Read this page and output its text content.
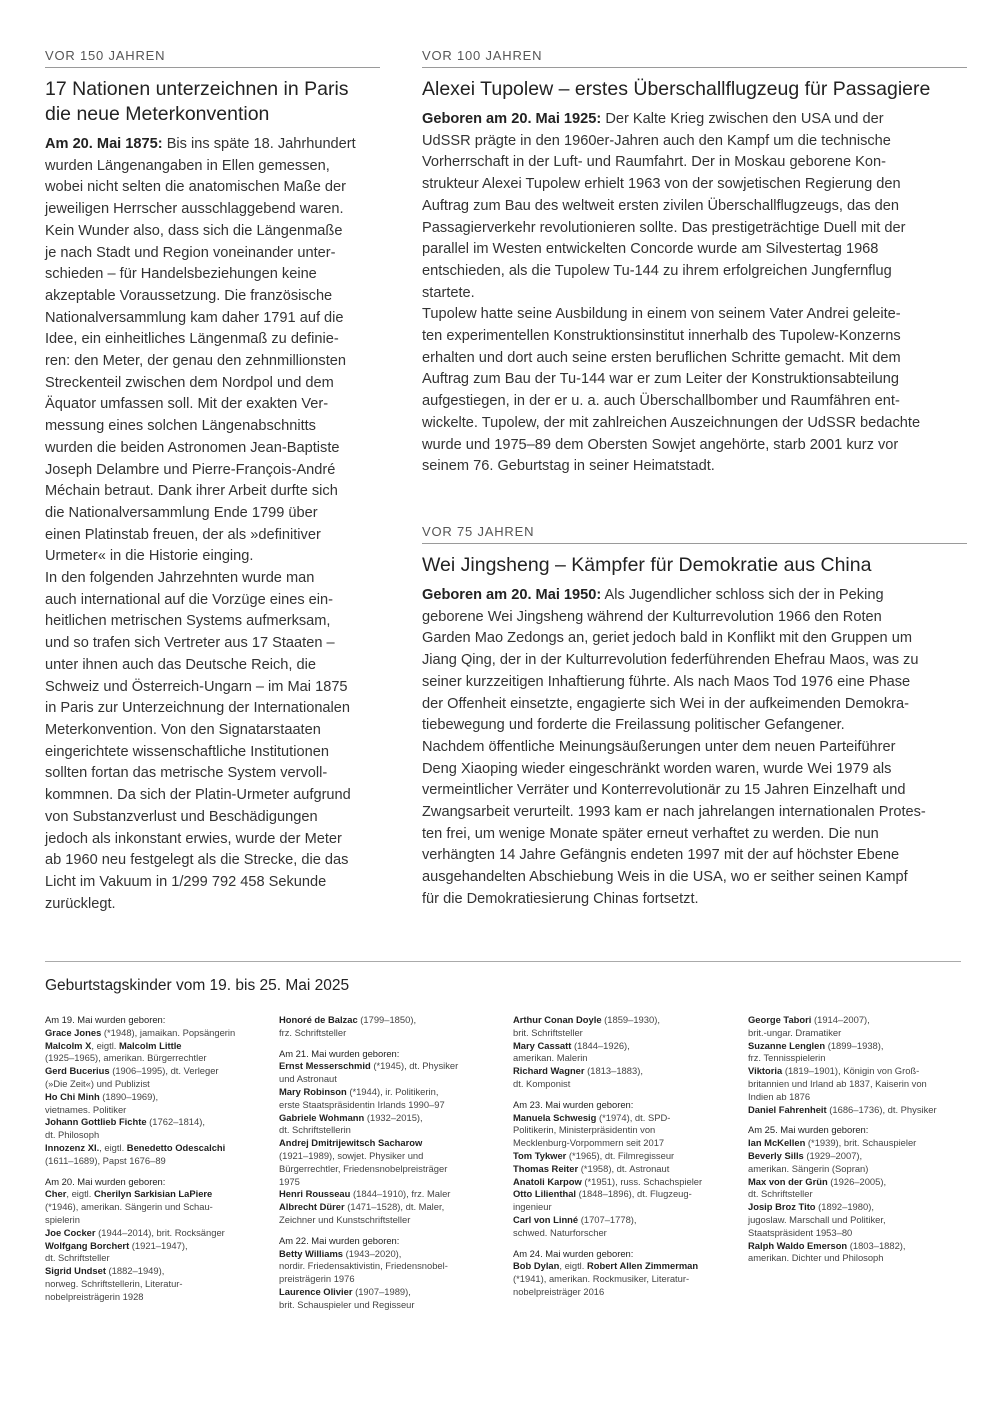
VOR 150 JAHREN
17 Nationen unterzeichnen in Paris
die neue Meterkonvention
Am 20. Mai 1875: Bis ins späte 18. Jahrhundert
wurden Längenangaben in Ellen gemessen,
wobei nicht selten die anatomischen Maße der
jeweiligen Herrscher ausschlaggebend waren.
Kein Wunder also, dass sich die Längenmaße
je nach Stadt und Region voneinander unter-
schieden – für Handelsbeziehungen keine
akzeptable Voraussetzung. Die französische
Nationalversammlung kam daher 1791 auf die
Idee, ein einheitliches Längenmaß zu definie-
ren: den Meter, der genau den zehnmillionsten
Streckenteil zwischen dem Nordpol und dem
Äquator umfassen soll. Mit der exakten Ver-
messung eines solchen Längenabschnitts
wurden die beiden Astronomen Jean-Baptiste
Joseph Delambre und Pierre-François-André
Méchain betraut. Dank ihrer Arbeit durfte sich
die Nationalversammlung Ende 1799 über
einen Platinstab freuen, der als »definitiver
Urmeter« in die Historie einging.
In den folgenden Jahrzehnten wurde man
auch international auf die Vorzüge eines ein-
heitlichen metrischen Systems aufmerksam,
und so trafen sich Vertreter aus 17 Staaten –
unter ihnen auch das Deutsche Reich, die
Schweiz und Österreich-Ungarn – im Mai 1875
in Paris zur Unterzeichnung der Internationalen
Meterkonvention. Von den Signatarstaaten
eingerichtete wissenschaftliche Institutionen
sollten fortan das metrische System vervoll-
kommnen. Da sich der Platin-Urmeter aufgrund
von Substanzverlust und Beschädigungen
jedoch als inkonstant erwies, wurde der Meter
ab 1960 neu festgelegt als die Strecke, die das
Licht im Vakuum in 1/299 792 458 Sekunde
zurücklegt.
VOR 100 JAHREN
Alexei Tupolew – erstes Überschallflugzeug für Passagiere
Geboren am 20. Mai 1925: Der Kalte Krieg zwischen den USA und der
UdSSR prägte in den 1960er-Jahren auch den Kampf um die technische
Vorherrschaft in der Luft- und Raumfahrt. Der in Moskau geborene Kon-
strukteur Alexei Tupolew erhielt 1963 von der sowjetischen Regierung den
Auftrag zum Bau des weltweit ersten zivilen Überschallflugzeugs, das den
Passagierverkehr revolutionieren sollte. Das prestigeträchtige Duell mit der
parallel im Westen entwickelten Concorde wurde am Silvestertag 1968
entschieden, als die Tupolew Tu-144 zu ihrem erfolgreichen Jungfernflug
startete.
Tupolew hatte seine Ausbildung in einem von seinem Vater Andrei geleite-
ten experimentellen Konstruktionsinstitut innerhalb des Tupolew-Konzerns
erhalten und dort auch seine ersten beruflichen Schritte gemacht. Mit dem
Auftrag zum Bau der Tu-144 war er zum Leiter der Konstruktionsabteilung
aufgestiegen, in der er u. a. auch Überschallbomber und Raumfähren ent-
wickelte. Tupolew, der mit zahlreichen Auszeichnungen der UdSSR bedachte
wurde und 1975–89 dem Obersten Sowjet angehörte, starb 2001 kurz vor
seinem 76. Geburtstag in seiner Heimatstadt.
VOR 75 JAHREN
Wei Jingsheng – Kämpfer für Demokratie aus China
Geboren am 20. Mai 1950: Als Jugendlicher schloss sich der in Peking
geborene Wei Jingsheng während der Kulturrevolution 1966 den Roten
Garden Mao Zedongs an, geriet jedoch bald in Konflikt mit den Gruppen um
Jiang Qing, der in der Kulturrevolution federführenden Ehefrau Maos, was zu
seiner kurzzeitigen Inhaftierung führte. Als nach Maos Tod 1976 eine Phase
der Offenheit einsetzte, engagierte sich Wei in der aufkeimenden Demokra-
tiebewegung und forderte die Freilassung politischer Gefangener.
Nachdem öffentliche Meinungsäußerungen unter dem neuen Parteiführer
Deng Xiaoping wieder eingeschränkt worden waren, wurde Wei 1979 als
vermeintlicher Verräter und Konterrevolutionär zu 15 Jahren Einzelhaft und
Zwangsarbeit verurteilt. 1993 kam er nach jahrelangen internationalen Protes-
ten frei, um wenige Monate später erneut verhaftet zu werden. Die nun
verhängten 14 Jahre Gefängnis endeten 1997 mit der auf höchster Ebene
ausgehandelten Abschiebung Weis in die USA, wo er seither seinen Kampf
für die Demokratiesierung Chinas fortsetzt.
Geburtstagskinder vom 19. bis 25. Mai 2025
Am 19. Mai wurden geboren:
Grace Jones (*1948), jamaikan. Popsängerin
Malcolm X, eigtl. Malcolm Little
(1925–1965), amerikan. Bürgerrechtler
Gerd Bucerius (1906–1995), dt. Verleger
(»Die Zeit«) und Publizist
Ho Chi Minh (1890–1969),
vietnames. Politiker
Johann Gottlieb Fichte (1762–1814),
dt. Philosoph
Innozenz XI., eigtl. Benedetto Odescalchi
(1611–1689), Papst 1676–89
Am 20. Mai wurden geboren:
Cher, eigtl. Cherilyn Sarkisian LaPiere
(*1946), amerikan. Sängerin und Schau-
spielerin
Joe Cocker (1944–2014), brit. Rocksänger
Wolfgang Borchert (1921–1947),
dt. Schriftsteller
Sigrid Undset (1882–1949),
norweg. Schriftstellerin, Literatur-
nobelpreisträgerin 1928
Honoré de Balzac (1799–1850),
frz. Schriftsteller
Am 21. Mai wurden geboren:
Ernst Messerschmid (*1945), dt. Physiker
und Astronaut
Mary Robinson (*1944), ir. Politikerin,
erste Staatspräsidentin Irlands 1990–97
Gabriele Wohmann (1932–2015),
dt. Schriftstellerin
Andrej Dmitrijewitsch Sacharow
(1921–1989), sowjet. Physiker und
Bürgerrechtler, Friedensnobelpreisträger
1975
Henri Rousseau (1844–1910), frz. Maler
Albrecht Dürer (1471–1528), dt. Maler,
Zeichner und Kunstschriftsteller
Am 22. Mai wurden geboren:
Betty Williams (1943–2020),
nordir. Friedensaktivistin, Friedensnobel-
preisträgerin 1976
Laurence Olivier (1907–1989),
brit. Schauspieler und Regisseur
Arthur Conan Doyle (1859–1930),
brit. Schriftsteller
Mary Cassatt (1844–1926),
amerikan. Malerin
Richard Wagner (1813–1883),
dt. Komponist
Am 23. Mai wurden geboren:
Manuela Schwesig (*1974), dt. SPD-
Politikerin, Ministerpräsidentin von
Mecklenburg-Vorpommern seit 2017
Tom Tykwer (*1965), dt. Filmregisseur
Thomas Reiter (*1958), dt. Astronaut
Anatoli Karpow (*1951), russ. Schachspieler
Otto Lilienthal (1848–1896), dt. Flugzeug-
ingenieur
Carl von Linné (1707–1778),
schwed. Naturforscher
Am 24. Mai wurden geboren:
Bob Dylan, eigtl. Robert Allen Zimmerman
(*1941), amerikan. Rockmusiker, Literatur-
nobelpreisträger 2016
George Tabori (1914–2007),
brit.-ungar. Dramatiker
Suzanne Lenglen (1899–1938),
frz. Tennisspielerin
Viktoria (1819–1901), Königin von Groß-
britannien und Irland ab 1837, Kaiserin von
Indien ab 1876
Daniel Fahrenheit (1686–1736), dt. Physiker
Am 25. Mai wurden geboren:
Ian McKellen (*1939), brit. Schauspieler
Beverly Sills (1929–2007),
amerikan. Sängerin (Sopran)
Max von der Grün (1926–2005),
dt. Schriftsteller
Josip Broz Tito (1892–1980),
jugoslaw. Marschall und Politiker,
Staatspräsident 1953–80
Ralph Waldo Emerson (1803–1882),
amerikan. Dichter und Philosoph
